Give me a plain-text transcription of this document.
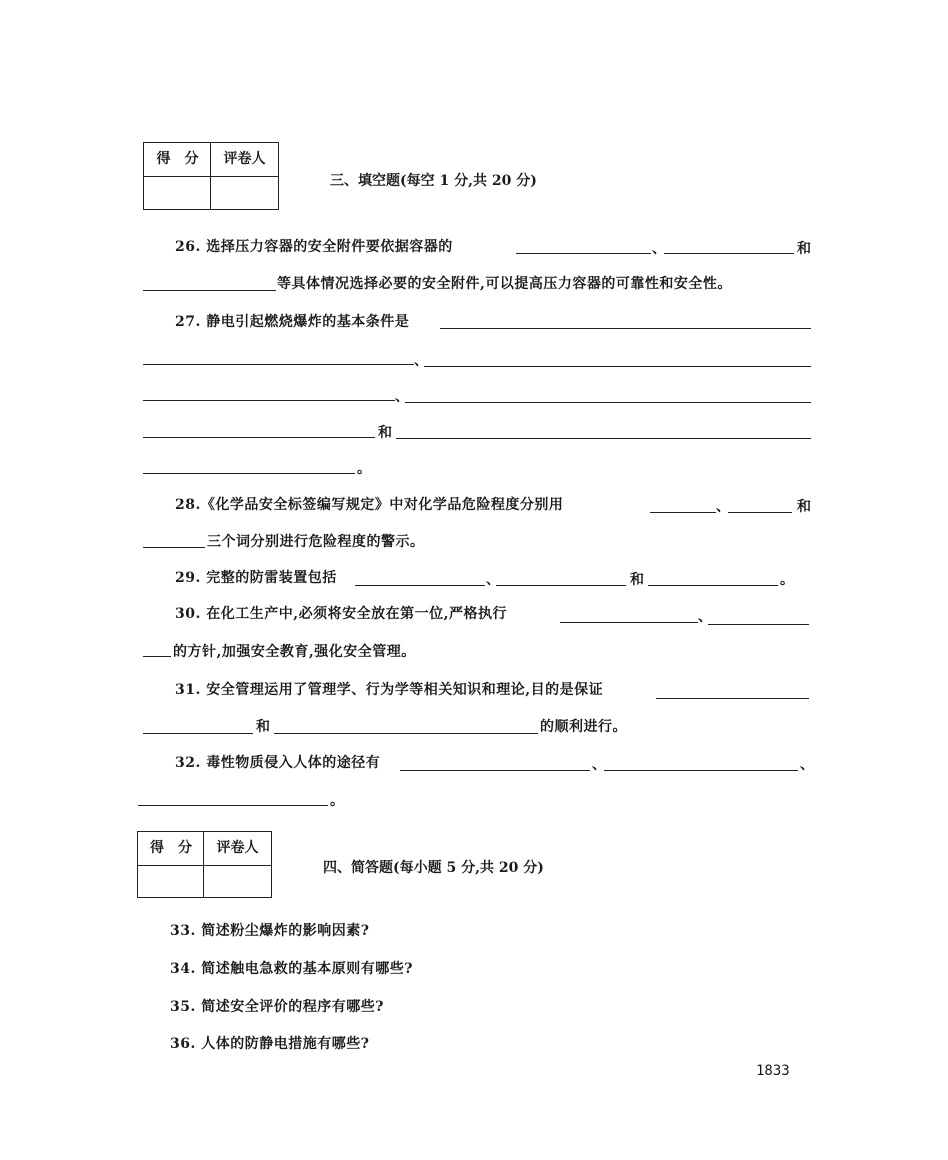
得　分	评卷人
三、填空题(每空 1 分,共 20 分)
26. 选择压力容器的安全附件要依据容器的	、	和
等具体情况选择必要的安全附件,可以提高压力容器的可靠性和安全性。
27. 静电引起燃烧爆炸的基本条件是
、
、
和
。
28.《化学品安全标签编写规定》中对化学品危险程度分别用	、	和
三个词分别进行危险程度的警示。
29. 完整的防雷装置包括	、	和	。
30. 在化工生产中,必须将安全放在第一位,严格执行	、
的方针,加强安全教育,强化安全管理。
31. 安全管理运用了管理学、行为学等相关知识和理论,目的是保证
和	的顺利进行。
32. 毒性物质侵入人体的途径有	、	、
。
得　分	评卷人
四、简答题(每小题 5 分,共 20 分)
33. 简述粉尘爆炸的影响因素?
34. 简述触电急救的基本原则有哪些?
35. 简述安全评价的程序有哪些?
36. 人体的防静电措施有哪些?
1833
